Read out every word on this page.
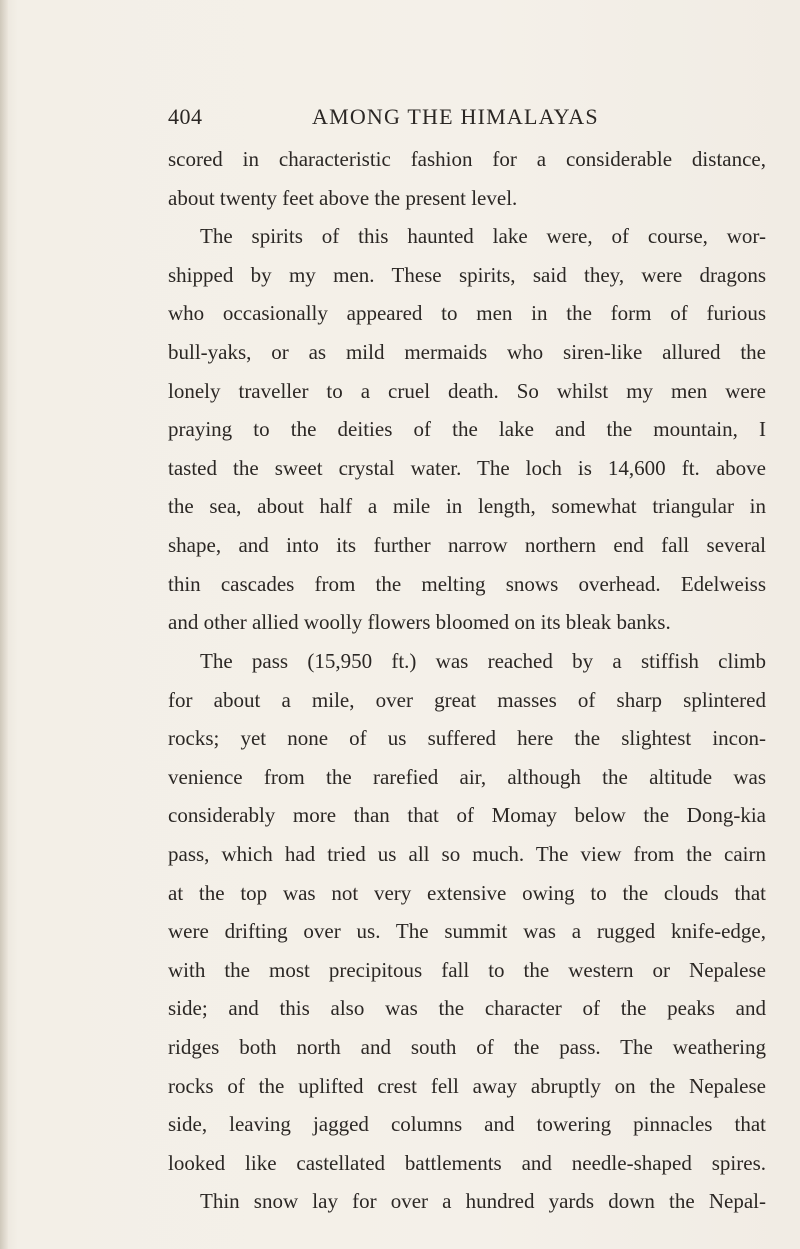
404	AMONG THE HIMALAYAS
scored in characteristic fashion for a considerable distance,
about twenty feet above the present level.
The spirits of this haunted lake were, of course, wor-
shipped by my men. These spirits, said they, were dragons
who occasionally appeared to men in the form of furious
bull-yaks, or as mild mermaids who siren-like allured the
lonely traveller to a cruel death. So whilst my men were
praying to the deities of the lake and the mountain, I
tasted the sweet crystal water. The loch is 14,600 ft. above
the sea, about half a mile in length, somewhat triangular in
shape, and into its further narrow northern end fall several
thin cascades from the melting snows overhead. Edelweiss
and other allied woolly flowers bloomed on its bleak banks.
The pass (15,950 ft.) was reached by a stiffish climb
for about a mile, over great masses of sharp splintered
rocks; yet none of us suffered here the slightest incon-
venience from the rarefied air, although the altitude was
considerably more than that of Momay below the Dong-kia
pass, which had tried us all so much. The view from the cairn
at the top was not very extensive owing to the clouds that
were drifting over us. The summit was a rugged knife-edge,
with the most precipitous fall to the western or Nepalese
side; and this also was the character of the peaks and
ridges both north and south of the pass. The weathering
rocks of the uplifted crest fell away abruptly on the Nepalese
side, leaving jagged columns and towering pinnacles that
looked like castellated battlements and needle-shaped spires.
Thin snow lay for over a hundred yards down the Nepal-
